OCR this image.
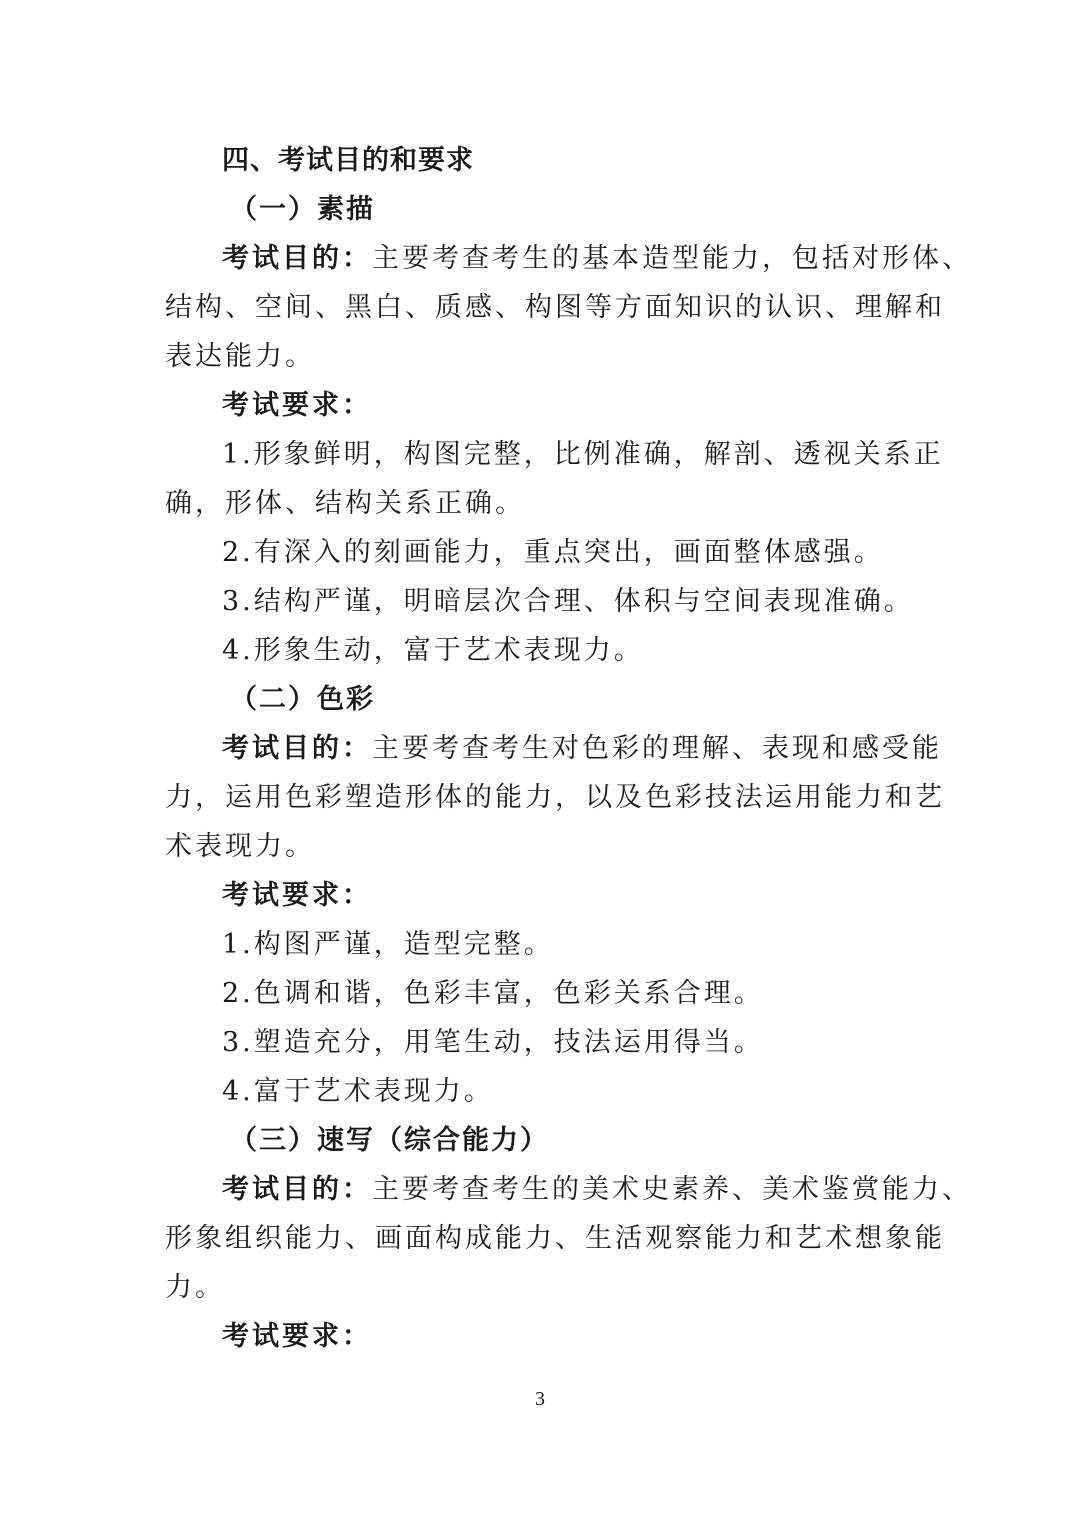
四、考试目的和要求
（一）素描
考试目的：主要考查考生的基本造型能力，包括对形体、
结构、空间、黑白、质感、构图等方面知识的认识、理解和
表达能力。
考试要求：
1.形象鲜明，构图完整，比例准确，解剖、透视关系正
确，形体、结构关系正确。
2.有深入的刻画能力，重点突出，画面整体感强。
3.结构严谨，明暗层次合理、体积与空间表现准确。
4.形象生动，富于艺术表现力。
（二）色彩
考试目的：主要考查考生对色彩的理解、表现和感受能
力，运用色彩塑造形体的能力，以及色彩技法运用能力和艺
术表现力。
考试要求：
1.构图严谨，造型完整。
2.色调和谐，色彩丰富，色彩关系合理。
3.塑造充分，用笔生动，技法运用得当。
4.富于艺术表现力。
（三）速写（综合能力）
考试目的：主要考查考生的美术史素养、美术鉴赏能力、
形象组织能力、画面构成能力、生活观察能力和艺术想象能
力。
考试要求：
3
